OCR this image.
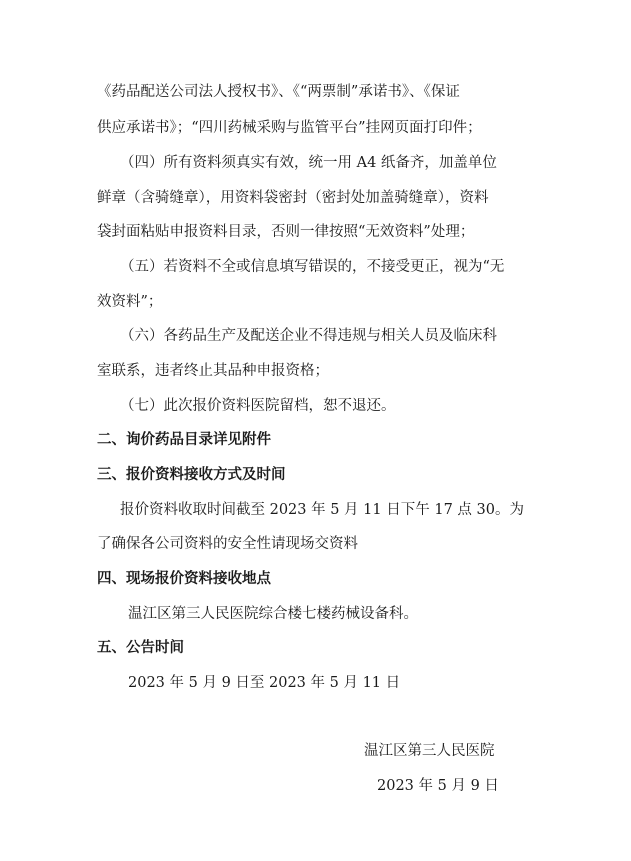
《药品配送公司法人授权书》、《“两票制”承诺书》、《保证
供应承诺书》；“四川药械采购与监管平台”挂网页面打印件；
（四）所有资料须真实有效，统一用 A4 纸备齐，加盖单位
鲜章（含骑缝章），用资料袋密封（密封处加盖骑缝章），资料
袋封面粘贴申报资料目录，否则一律按照“无效资料”处理；
（五）若资料不全或信息填写错误的，不接受更正，视为“无
效资料”；
（六）各药品生产及配送企业不得违规与相关人员及临床科
室联系，违者终止其品种申报资格；
（七）此次报价资料医院留档，恕不退还。
二、询价药品目录详见附件
三、报价资料接收方式及时间
报价资料收取时间截至 2023 年 5 月 11 日下午 17 点 30。为
了确保各公司资料的安全性请现场交资料
四、现场报价资料接收地点
温江区第三人民医院综合楼七楼药械设备科。
五、公告时间
2023 年 5 月 9 日至 2023 年 5 月 11 日
温江区第三人民医院
2023 年 5 月 9 日
